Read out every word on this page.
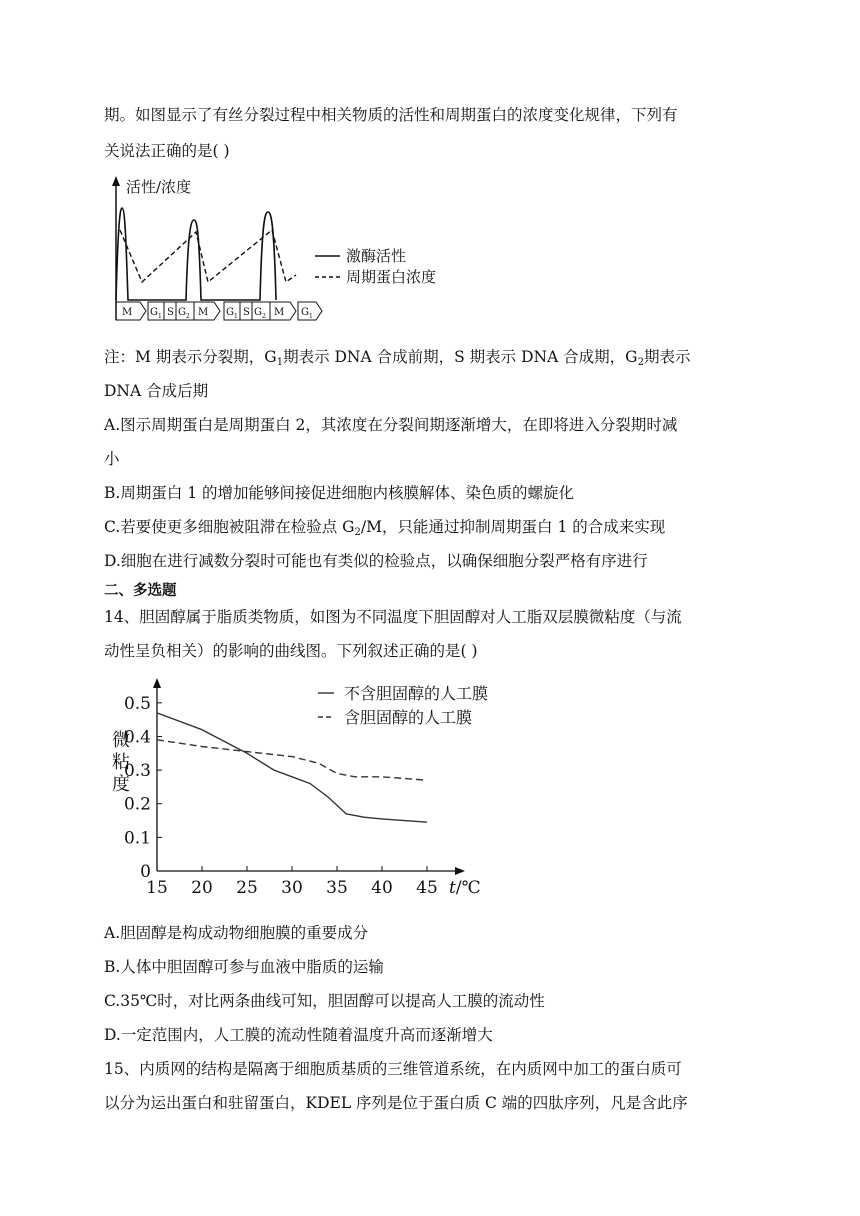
期。如图显示了有丝分裂过程中相关物质的活性和周期蛋白的浓度变化规律，下列有
关说法正确的是( )
活性/浓度
激酶活性
周期蛋白浓度
M G 1 S G 2 M G 1 S G 2 M G 1
注：M 期表示分裂期，$G_1$期表示 DNA 合成前期，S 期表示 DNA 合成期，$G_2$期表示
DNA 合成后期
A.图示周期蛋白是周期蛋白 2，其浓度在分裂间期逐渐增大，在即将进入分裂期时减
小
B.周期蛋白 1 的增加能够间接促进细胞内核膜解体、染色质的螺旋化
C.若要使更多细胞被阻滞在检验点 $G_2/M$，只能通过抑制周期蛋白 1 的合成来实现
D.细胞在进行减数分裂时可能也有类似的检验点，以确保细胞分裂严格有序进行
二、多选题
14、胆固醇属于脂质类物质，如图为不同温度下胆固醇对人工脂双层膜微粘度（与流
动性呈负相关）的影响的曲线图。下列叙述正确的是( )
0
0.1
0.2
0.3
0.4
0.5
15 20 25 30 35 40 45 t/℃
微
粘
度
不含胆固醇的人工膜
含胆固醇的人工膜
A.胆固醇是构成动物细胞膜的重要成分
B.人体中胆固醇可参与血液中脂质的运输
C.35℃时，对比两条曲线可知，胆固醇可以提高人工膜的流动性
D.一定范围内，人工膜的流动性随着温度升高而逐渐增大
15、内质网的结构是隔离于细胞质基质的三维管道系统，在内质网中加工的蛋白质可
以分为运出蛋白和驻留蛋白，KDEL 序列是位于蛋白质 C 端的四肽序列，凡是含此序
